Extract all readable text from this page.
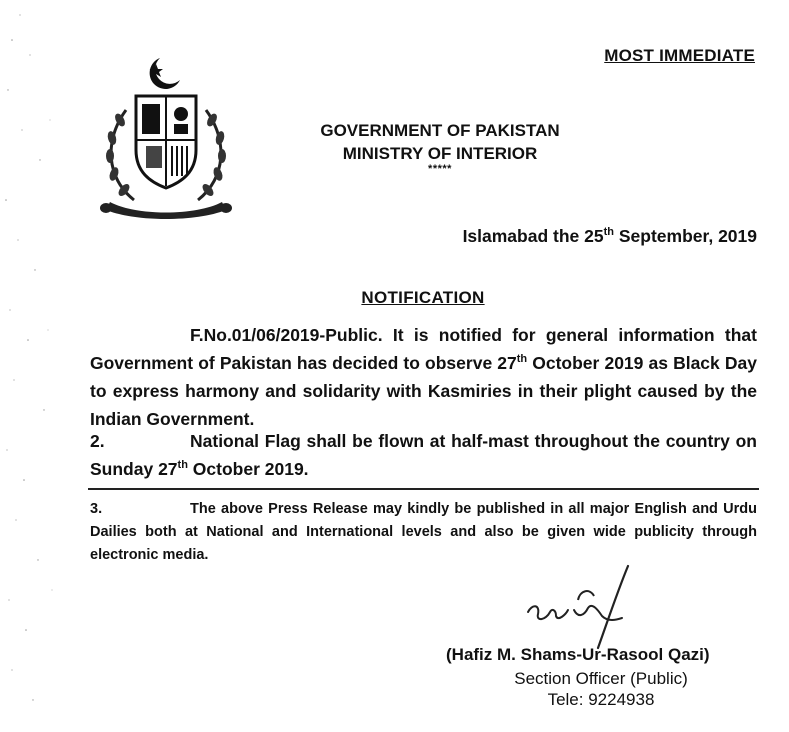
MOST IMMEDIATE
GOVERNMENT OF PAKISTAN
MINISTRY OF INTERIOR
*****
Islamabad the 25th September, 2019
NOTIFICATION
F.No.01/06/2019-Public. It is notified for general information that Government of Pakistan has decided to observe 27th October 2019 as Black Day to express harmony and solidarity with Kasmiries in their plight caused by the Indian Government.
2.	National Flag shall be flown at half-mast throughout the country on Sunday 27th October 2019.
3.	The above Press Release may kindly be published in all major English and Urdu Dailies both at National and International levels and also be given wide publicity through electronic media.
(Hafiz M. Shams-Ur-Rasool Qazi)
Section Officer (Public)
Tele: 9224938
